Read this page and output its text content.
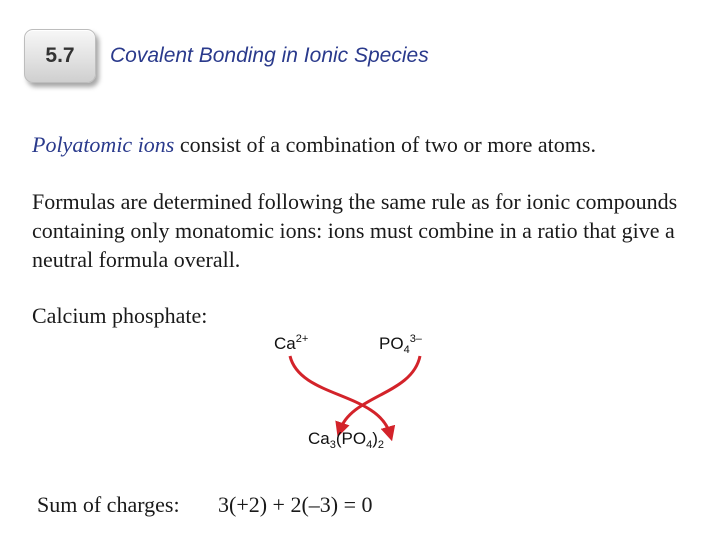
5.7 Covalent Bonding in Ionic Species
Polyatomic ions consist of a combination of two or more atoms.
Formulas are determined following the same rule as for ionic compounds containing only monatomic ions: ions must combine in a ratio that give a neutral formula overall.
Calcium phosphate:
$Ca^{2+}$	$PO_4^{3-}$
$Ca_3(PO_4)_2$
Sum of charges: 3(+2) + 2(–3) = 0
